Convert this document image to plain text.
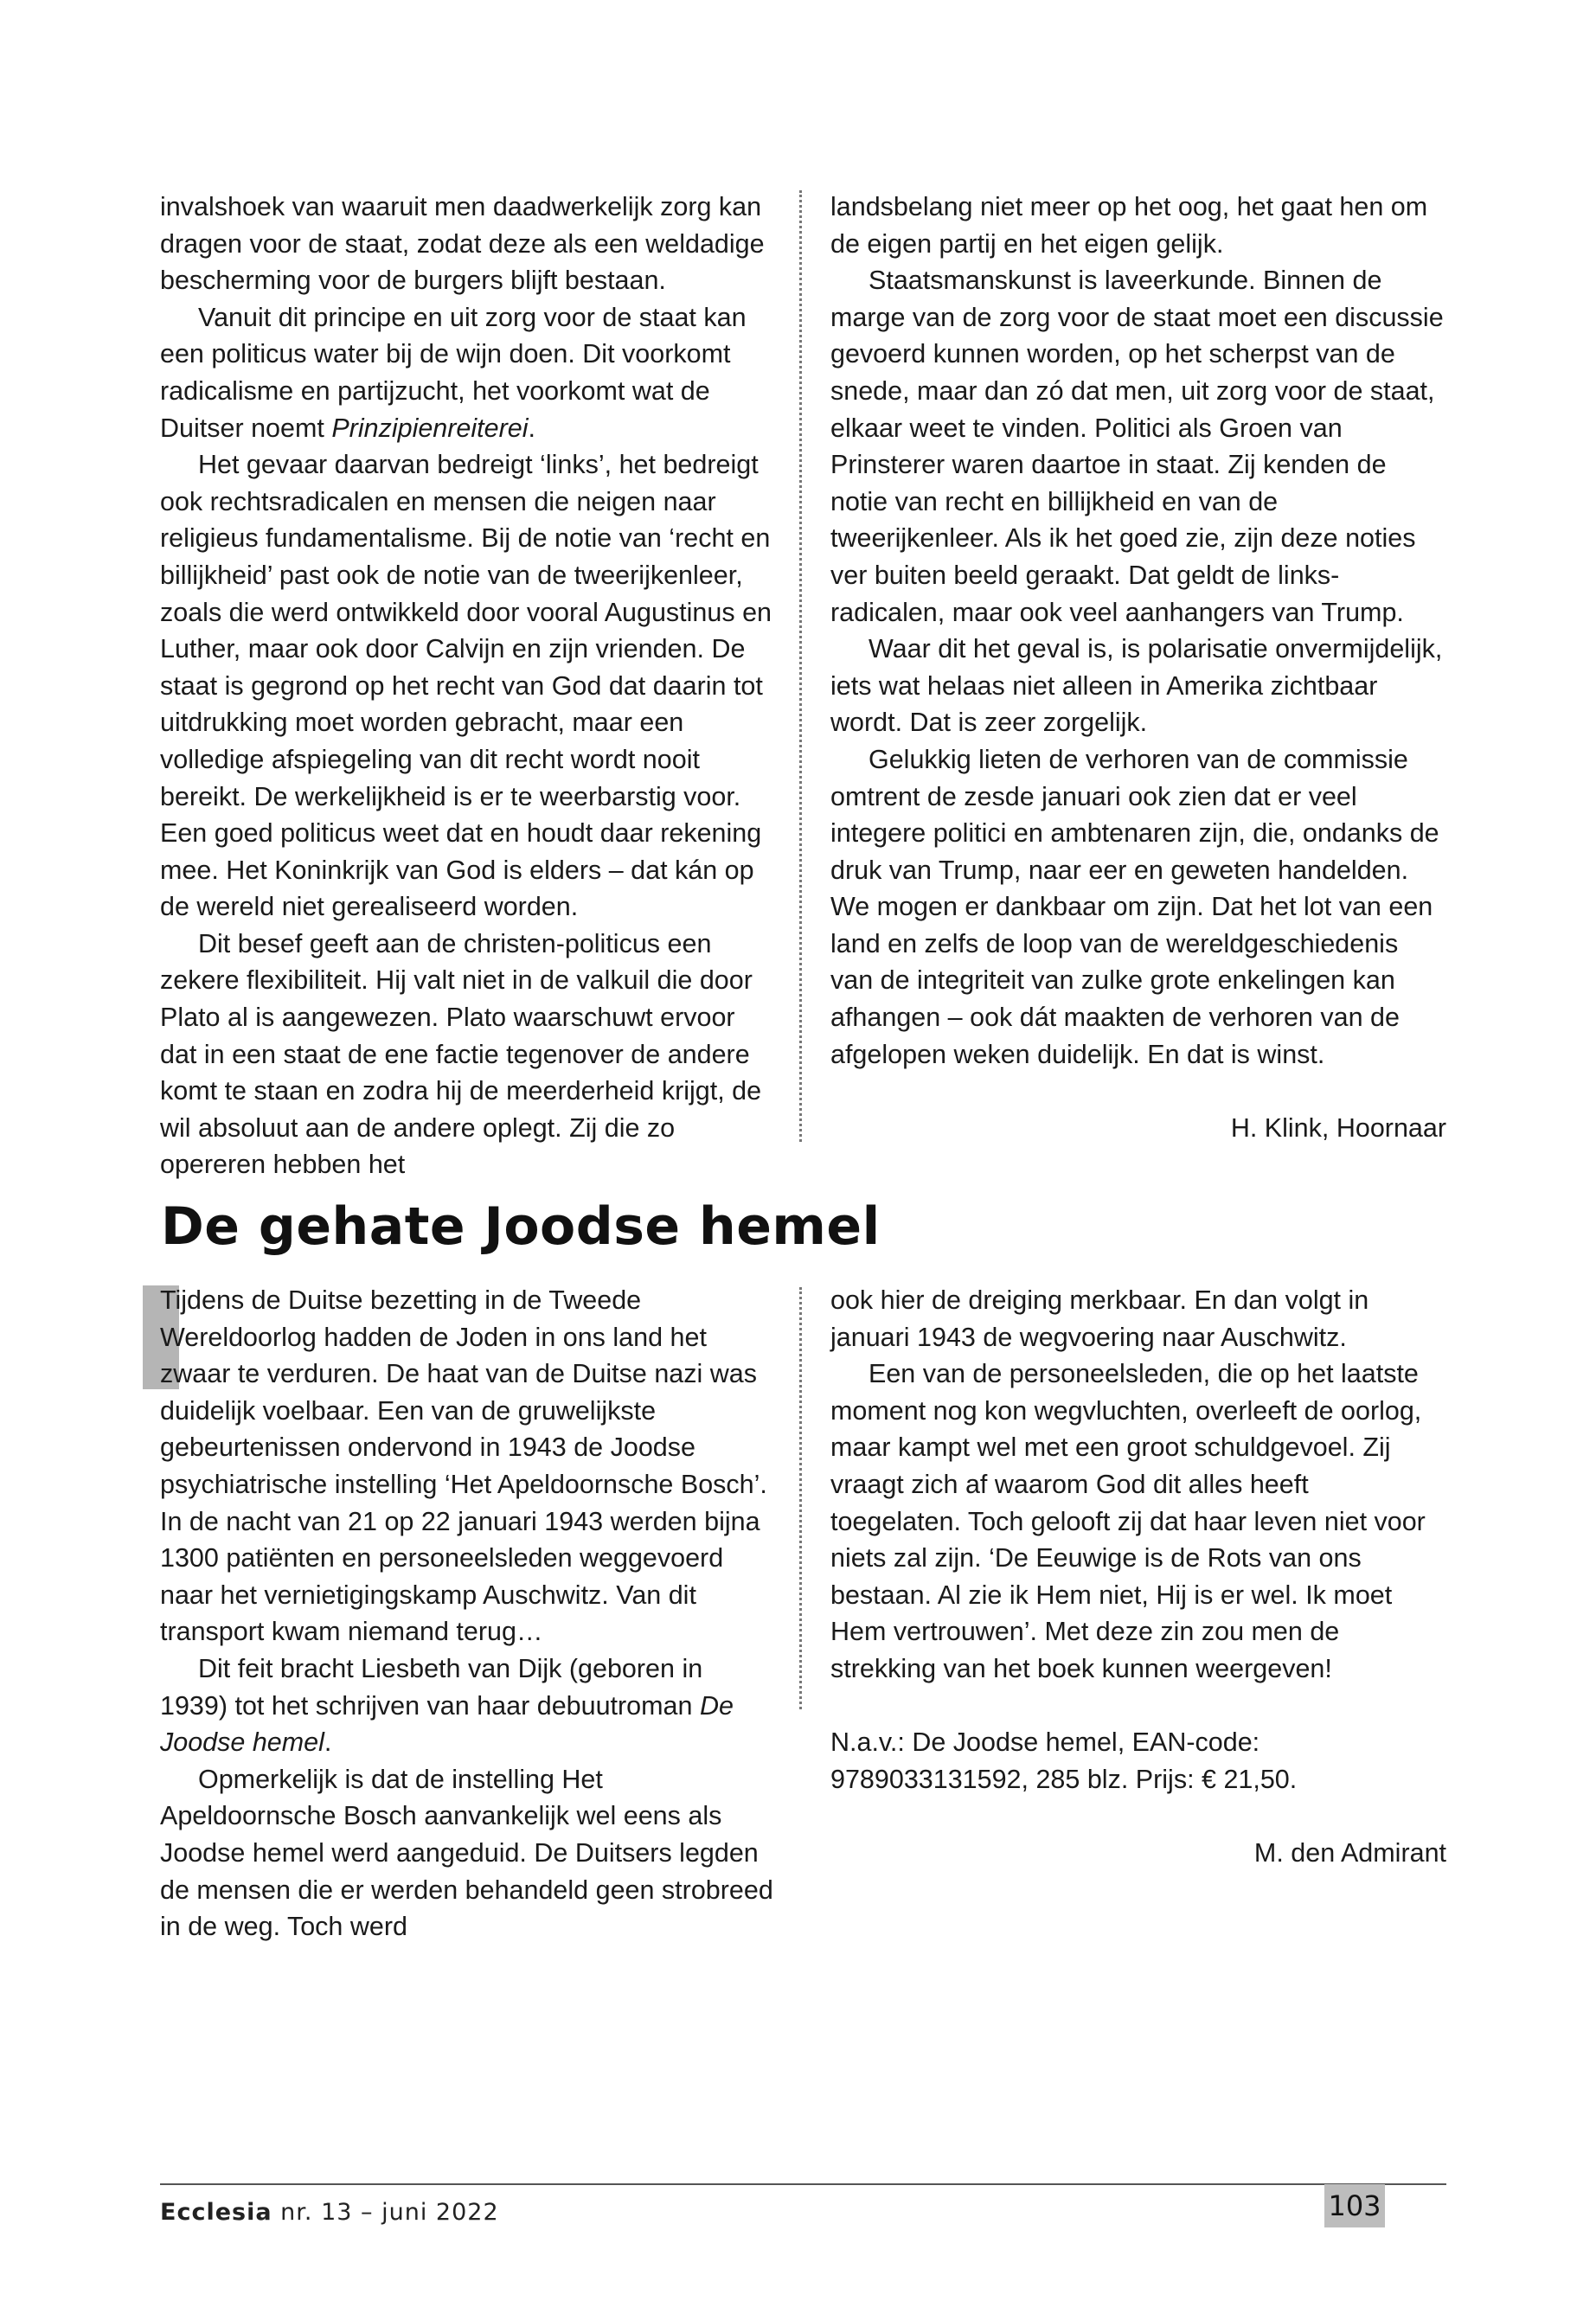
invalshoek van waaruit men daadwerkelijk zorg kan dragen voor de staat, zodat deze als een weldadige bescherming voor de burgers blijft bestaan.

Vanuit dit principe en uit zorg voor de staat kan een politicus water bij de wijn doen. Dit voorkomt radicalisme en partijzucht, het voorkomt wat de Duitser noemt Prinzipienreiterei.

Het gevaar daarvan bedreigt ‘links’, het bedreigt ook rechtsradicalen en mensen die neigen naar religieus fundamentalisme. Bij de notie van ‘recht en billijkheid’ past ook de notie van de tweerijkenleer, zoals die werd ontwikkeld door vooral Augustinus en Luther, maar ook door Calvijn en zijn vrienden. De staat is gegrond op het recht van God dat daarin tot uitdrukking moet worden gebracht, maar een volledige afspiegeling van dit recht wordt nooit bereikt. De werkelijkheid is er te weerbarstig voor. Een goed politicus weet dat en houdt daar rekening mee. Het Koninkrijk van God is elders – dat kán op de wereld niet gerealiseerd worden.

Dit besef geeft aan de christen-politicus een zekere flexibiliteit. Hij valt niet in de valkuil die door Plato al is aangewezen. Plato waarschuwt ervoor dat in een staat de ene factie tegenover de andere komt te staan en zodra hij de meerderheid krijgt, de wil absoluut aan de andere oplegt. Zij die zo opereren hebben het

landsbelang niet meer op het oog, het gaat hen om de eigen partij en het eigen gelijk.

Staatsmanskunst is laveerkunde. Binnen de marge van de zorg voor de staat moet een discussie gevoerd kunnen worden, op het scherpst van de snede, maar dan zó dat men, uit zorg voor de staat, elkaar weet te vinden. Politici als Groen van Prinsterer waren daartoe in staat. Zij kenden de notie van recht en billijkheid en van de tweerijkenleer. Als ik het goed zie, zijn deze noties ver buiten beeld geraakt. Dat geldt de links-radicalen, maar ook veel aanhangers van Trump.

Waar dit het geval is, is polarisatie onvermijdelijk, iets wat helaas niet alleen in Amerika zichtbaar wordt. Dat is zeer zorgelijk.

Gelukkig lieten de verhoren van de commissie omtrent de zesde januari ook zien dat er veel integere politici en ambtenaren zijn, die, ondanks de druk van Trump, naar eer en geweten handelden. We mogen er dankbaar om zijn. Dat het lot van een land en zelfs de loop van de wereldgeschiedenis van de integriteit van zulke grote enkelingen kan afhangen – ook dát maakten de verhoren van de afgelopen weken duidelijk. En dat is winst.

H. Klink, Hoornaar

De gehate Joodse hemel

Tijdens de Duitse bezetting in de Tweede Wereldoorlog hadden de Joden in ons land het zwaar te verduren. De haat van de Duitse nazi was duidelijk voelbaar. Een van de gruwelijkste gebeurtenissen ondervond in 1943 de Joodse psychiatrische instelling ‘Het Apeldoornsche Bosch’. In de nacht van 21 op 22 januari 1943 werden bijna 1300 patiënten en personeelsleden weggevoerd naar het vernietigingskamp Auschwitz. Van dit transport kwam niemand terug…

Dit feit bracht Liesbeth van Dijk (geboren in 1939) tot het schrijven van haar debuutroman De Joodse hemel.

Opmerkelijk is dat de instelling Het Apeldoornsche Bosch aanvankelijk wel eens als Joodse hemel werd aangeduid. De Duitsers legden de mensen die er werden behandeld geen strobreed in de weg. Toch werd

ook hier de dreiging merkbaar. En dan volgt in januari 1943 de wegvoering naar Auschwitz.

Een van de personeelsleden, die op het laatste moment nog kon wegvluchten, overleeft de oorlog, maar kampt wel met een groot schuldgevoel. Zij vraagt zich af waarom God dit alles heeft toegelaten. Toch gelooft zij dat haar leven niet voor niets zal zijn. ‘De Eeuwige is de Rots van ons bestaan. Al zie ik Hem niet, Hij is er wel. Ik moet Hem vertrouwen’. Met deze zin zou men de strekking van het boek kunnen weergeven!

N.a.v.: De Joodse hemel, EAN-code: 9789033131592, 285 blz. Prijs: € 21,50.

M. den Admirant

Ecclesia nr. 13 – juni 2022	103
